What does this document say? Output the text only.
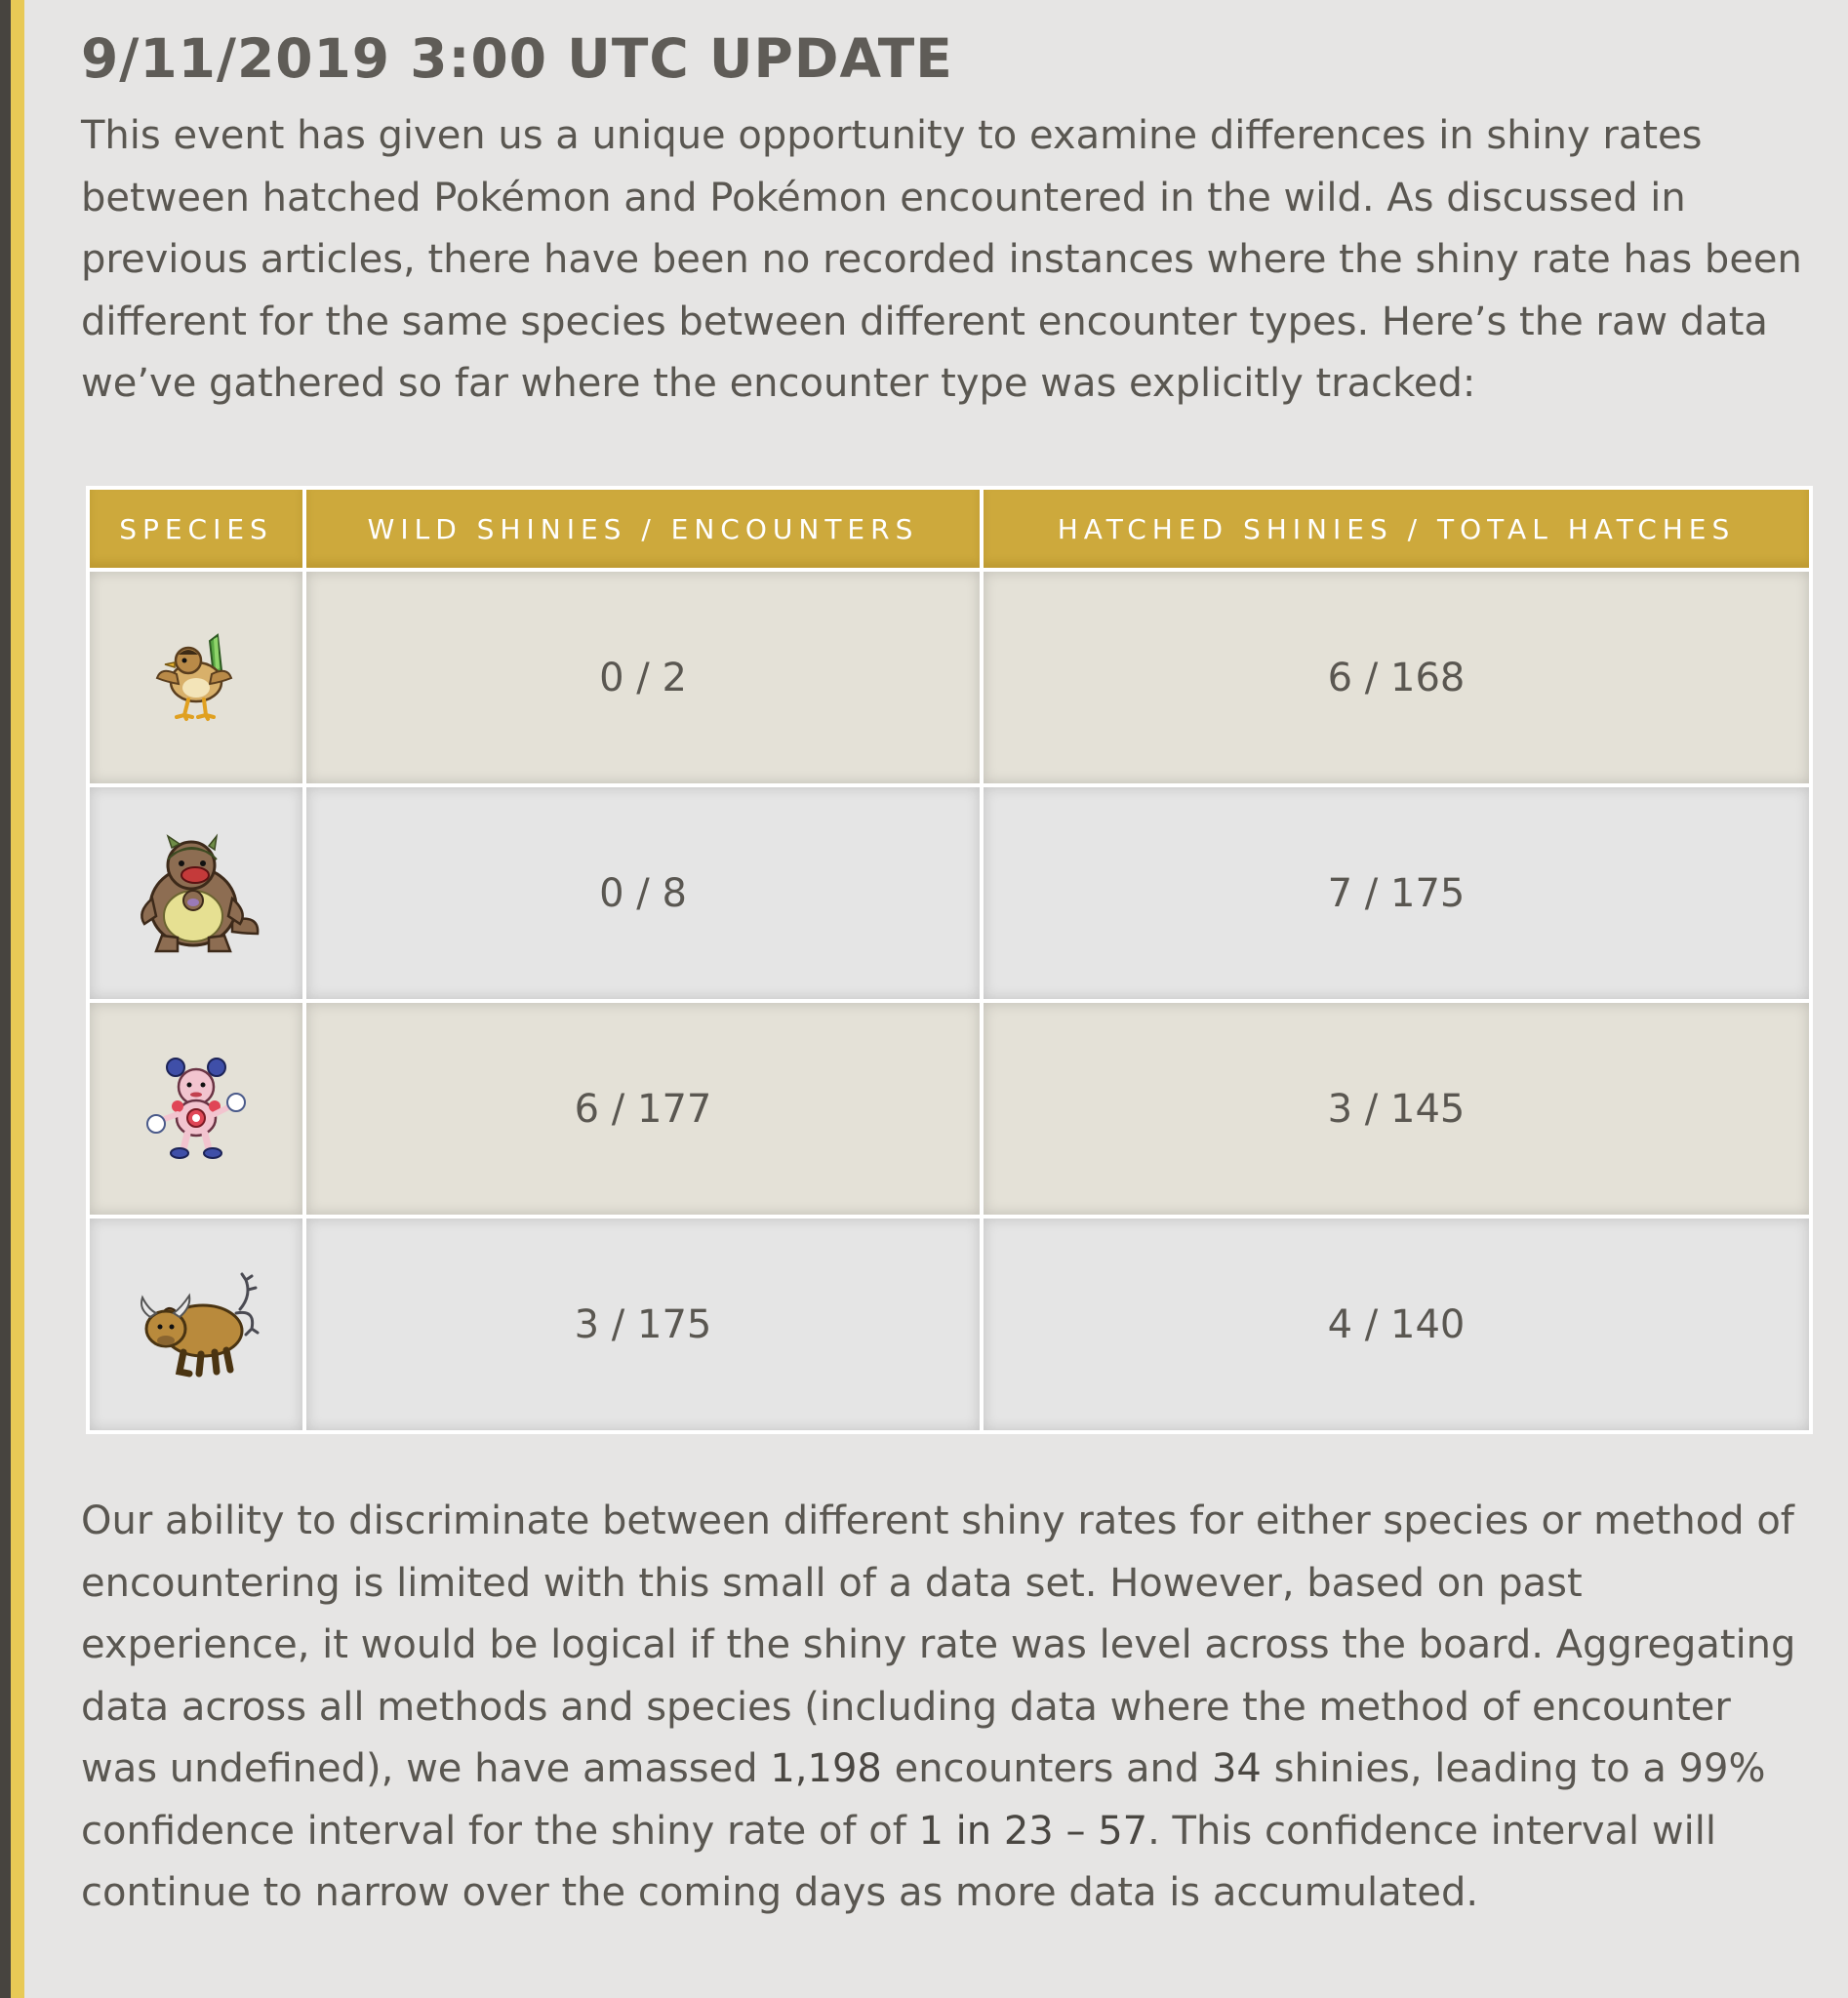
9/11/2019 3:00 UTC UPDATE

This event has given us a unique opportunity to examine differences in shiny rates between hatched Pokémon and Pokémon encountered in the wild. As discussed in previous articles, there have been no recorded instances where the shiny rate has been different for the same species between different encounter types. Here’s the raw data we’ve gathered so far where the encounter type was explicitly tracked:

SPECIES	WILD SHINIES / ENCOUNTERS	HATCHED SHINIES / TOTAL HATCHES
	0 / 2	6 / 168
	0 / 8	7 / 175
	6 / 177	3 / 145
	3 / 175	4 / 140

Our ability to discriminate between different shiny rates for either species or method of encountering is limited with this small of a data set. However, based on past experience, it would be logical if the shiny rate was level across the board. Aggregating data across all methods and species (including data where the method of encounter was undefined), we have amassed 1,198 encounters and 34 shinies, leading to a 99% confidence interval for the shiny rate of of 1 in 23 – 57. This confidence interval will continue to narrow over the coming days as more data is accumulated.
